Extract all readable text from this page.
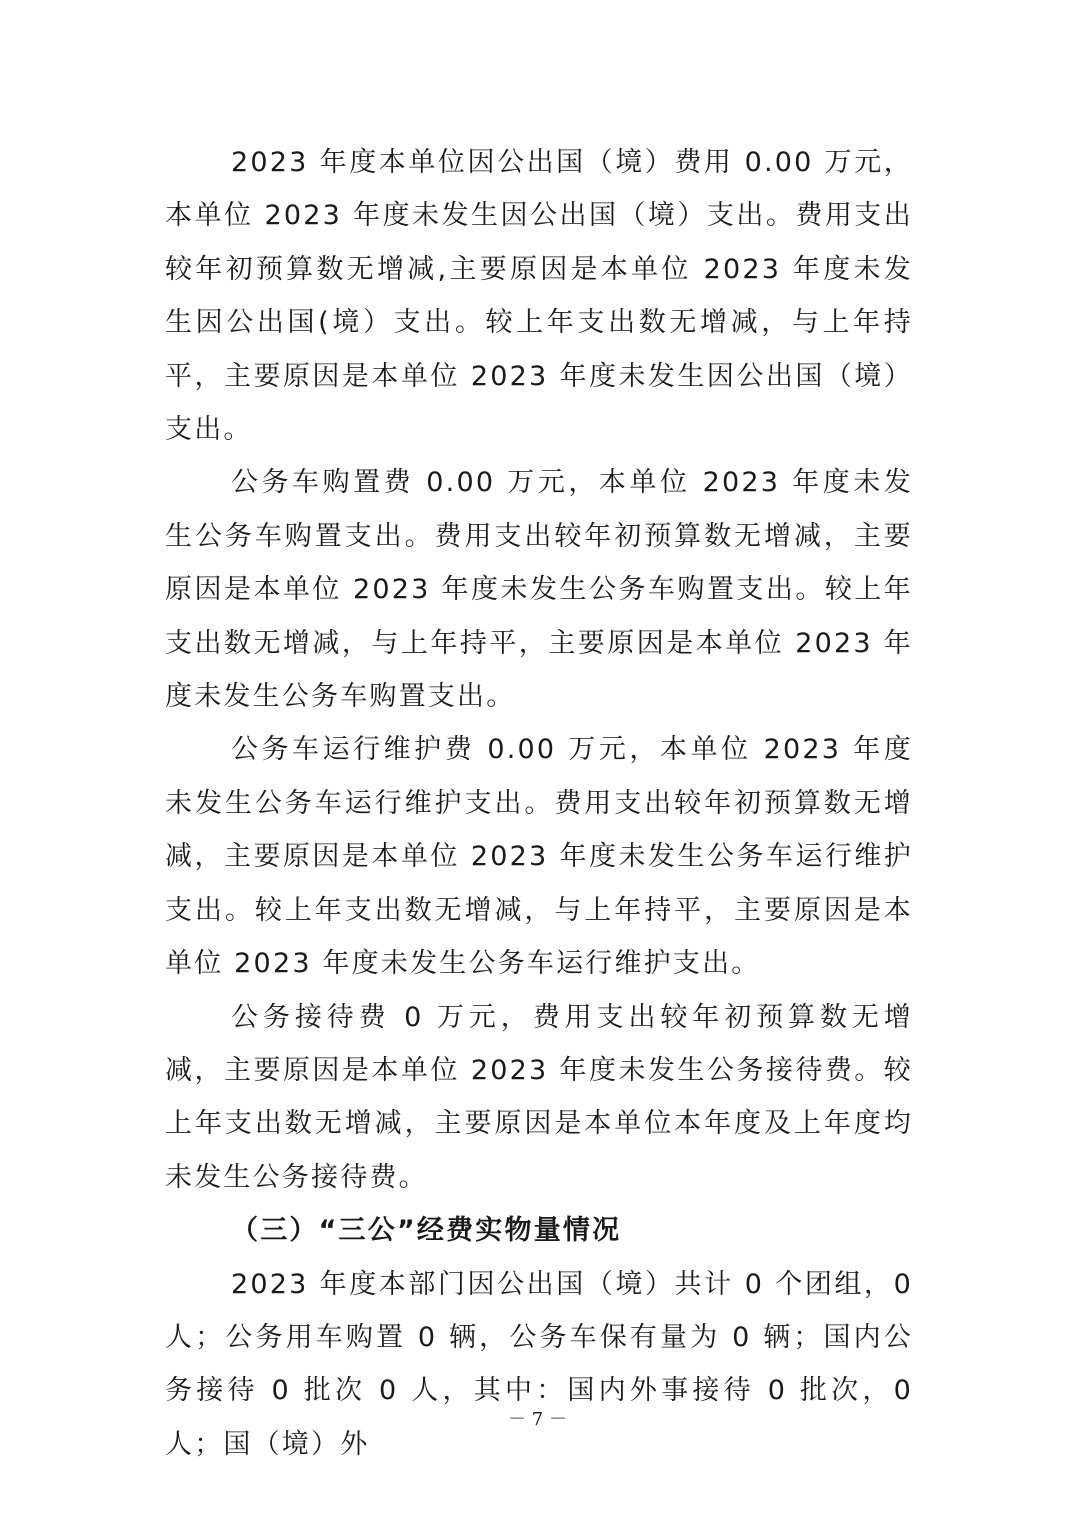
2023 年度本单位因公出国（境）费用 0.00 万元，本单位 2023 年度未发生因公出国（境）支出。费用支出较年初预算数无增减,主要原因是本单位 2023 年度未发生因公出国(境）支出。较上年支出数无增减，与上年持平，主要原因是本单位 2023 年度未发生因公出国（境）支出。

公务车购置费 0.00 万元，本单位 2023 年度未发生公务车购置支出。费用支出较年初预算数无增减，主要原因是本单位 2023 年度未发生公务车购置支出。较上年支出数无增减，与上年持平，主要原因是本单位 2023 年度未发生公务车购置支出。

公务车运行维护费 0.00 万元，本单位 2023 年度未发生公务车运行维护支出。费用支出较年初预算数无增减，主要原因是本单位 2023 年度未发生公务车运行维护支出。较上年支出数无增减，与上年持平，主要原因是本单位 2023 年度未发生公务车运行维护支出。

公务接待费 0 万元，费用支出较年初预算数无增减，主要原因是本单位 2023 年度未发生公务接待费。较上年支出数无增减，主要原因是本单位本年度及上年度均未发生公务接待费。

（三）“三公”经费实物量情况

2023 年度本部门因公出国（境）共计 0 个团组，0 人；公务用车购置 0 辆，公务车保有量为 0 辆；国内公务接待 0 批次 0 人，其中：国内外事接待 0 批次，0 人；国（境）外

－ 7 －
